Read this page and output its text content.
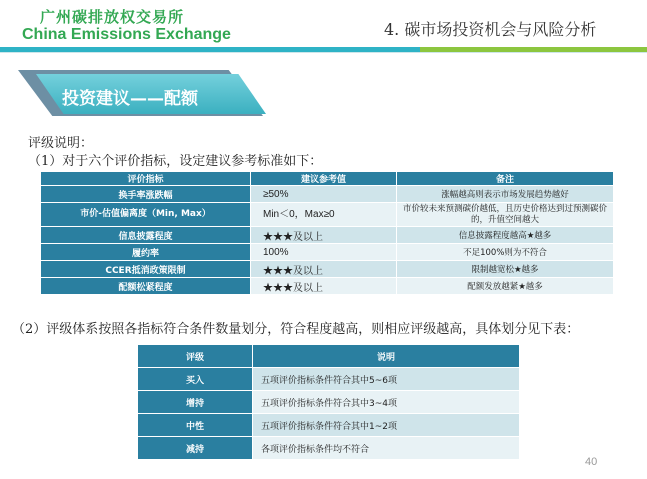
广州碳排放权交易所
China Emissions Exchange	4. 碳市场投资机会与风险分析
投资建议——配额
评级说明：
（1）对于六个评价指标，设定建议参考标准如下：
评价指标	建议参考值	备注
换手率涨跌幅	≥50%	涨幅越高则表示市场发展趋势越好
市价-估值偏离度（Min, Max）	Min＜0，Max≥0	市价较未来预测碳价越低，且历史价格达到过预测碳价的，升值空间越大
信息披露程度	★★★及以上	信息披露程度越高★越多
履约率	100%	不足100%则为不符合
CCER抵消政策限制	★★★及以上	限制越宽松★越多
配额松紧程度	★★★及以上	配额发放越紧★越多
（2）评级体系按照各指标符合条件数量划分，符合程度越高，则相应评级越高，具体划分见下表：
评级	说明
买入	五项评价指标条件符合其中5~6项
增持	五项评价指标条件符合其中3~4项
中性	五项评价指标条件符合其中1~2项
减持	各项评价指标条件均不符合
40
